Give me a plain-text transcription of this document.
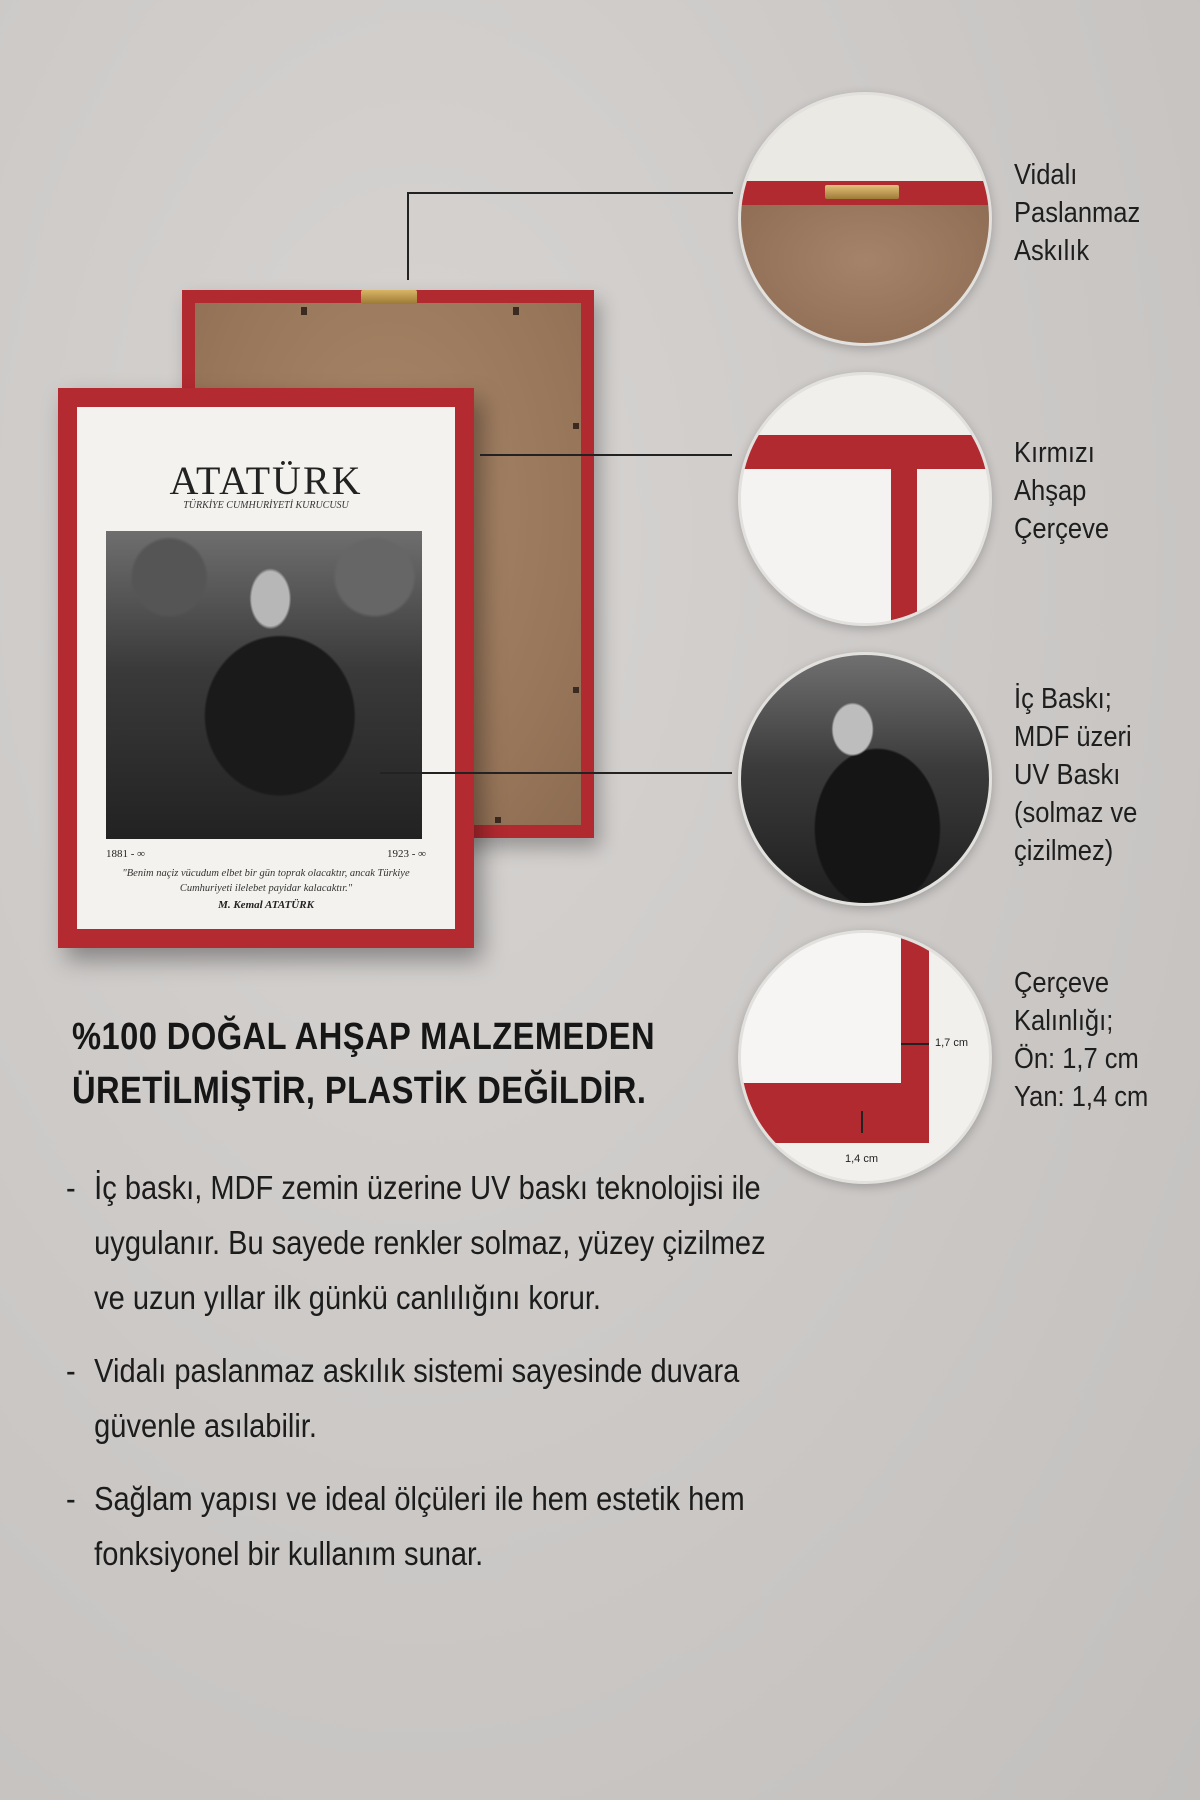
ATATÜRK
TÜRKİYE CUMHURİYETİ KURUCUSU
1881 - ∞	1923 - ∞
"Benim naçiz vücudum elbet bir gün toprak olacaktır, ancak Türkiye Cumhuriyeti ilelebet payidar kalacaktır."
M. Kemal ATATÜRK
1,7 cm
1,4 cm
Vidalı
Paslanmaz
Askılık
Kırmızı
Ahşap
Çerçeve
İç Baskı;
MDF üzeri
UV Baskı
(solmaz ve
çizilmez)
Çerçeve
Kalınlığı;
Ön: 1,7 cm
Yan: 1,4 cm
%100 DOĞAL AHŞAP MALZEMEDEN
ÜRETİLMİŞTİR, PLASTİK DEĞİLDİR.
- İç baskı, MDF zemin üzerine UV baskı teknolojisi ile uygulanır. Bu sayede renkler solmaz, yüzey çizilmez ve uzun yıllar ilk günkü canlılığını korur.
- Vidalı paslanmaz askılık sistemi sayesinde duvara güvenle asılabilir.
- Sağlam yapısı ve ideal ölçüleri ile hem estetik hem fonksiyonel bir kullanım sunar.
